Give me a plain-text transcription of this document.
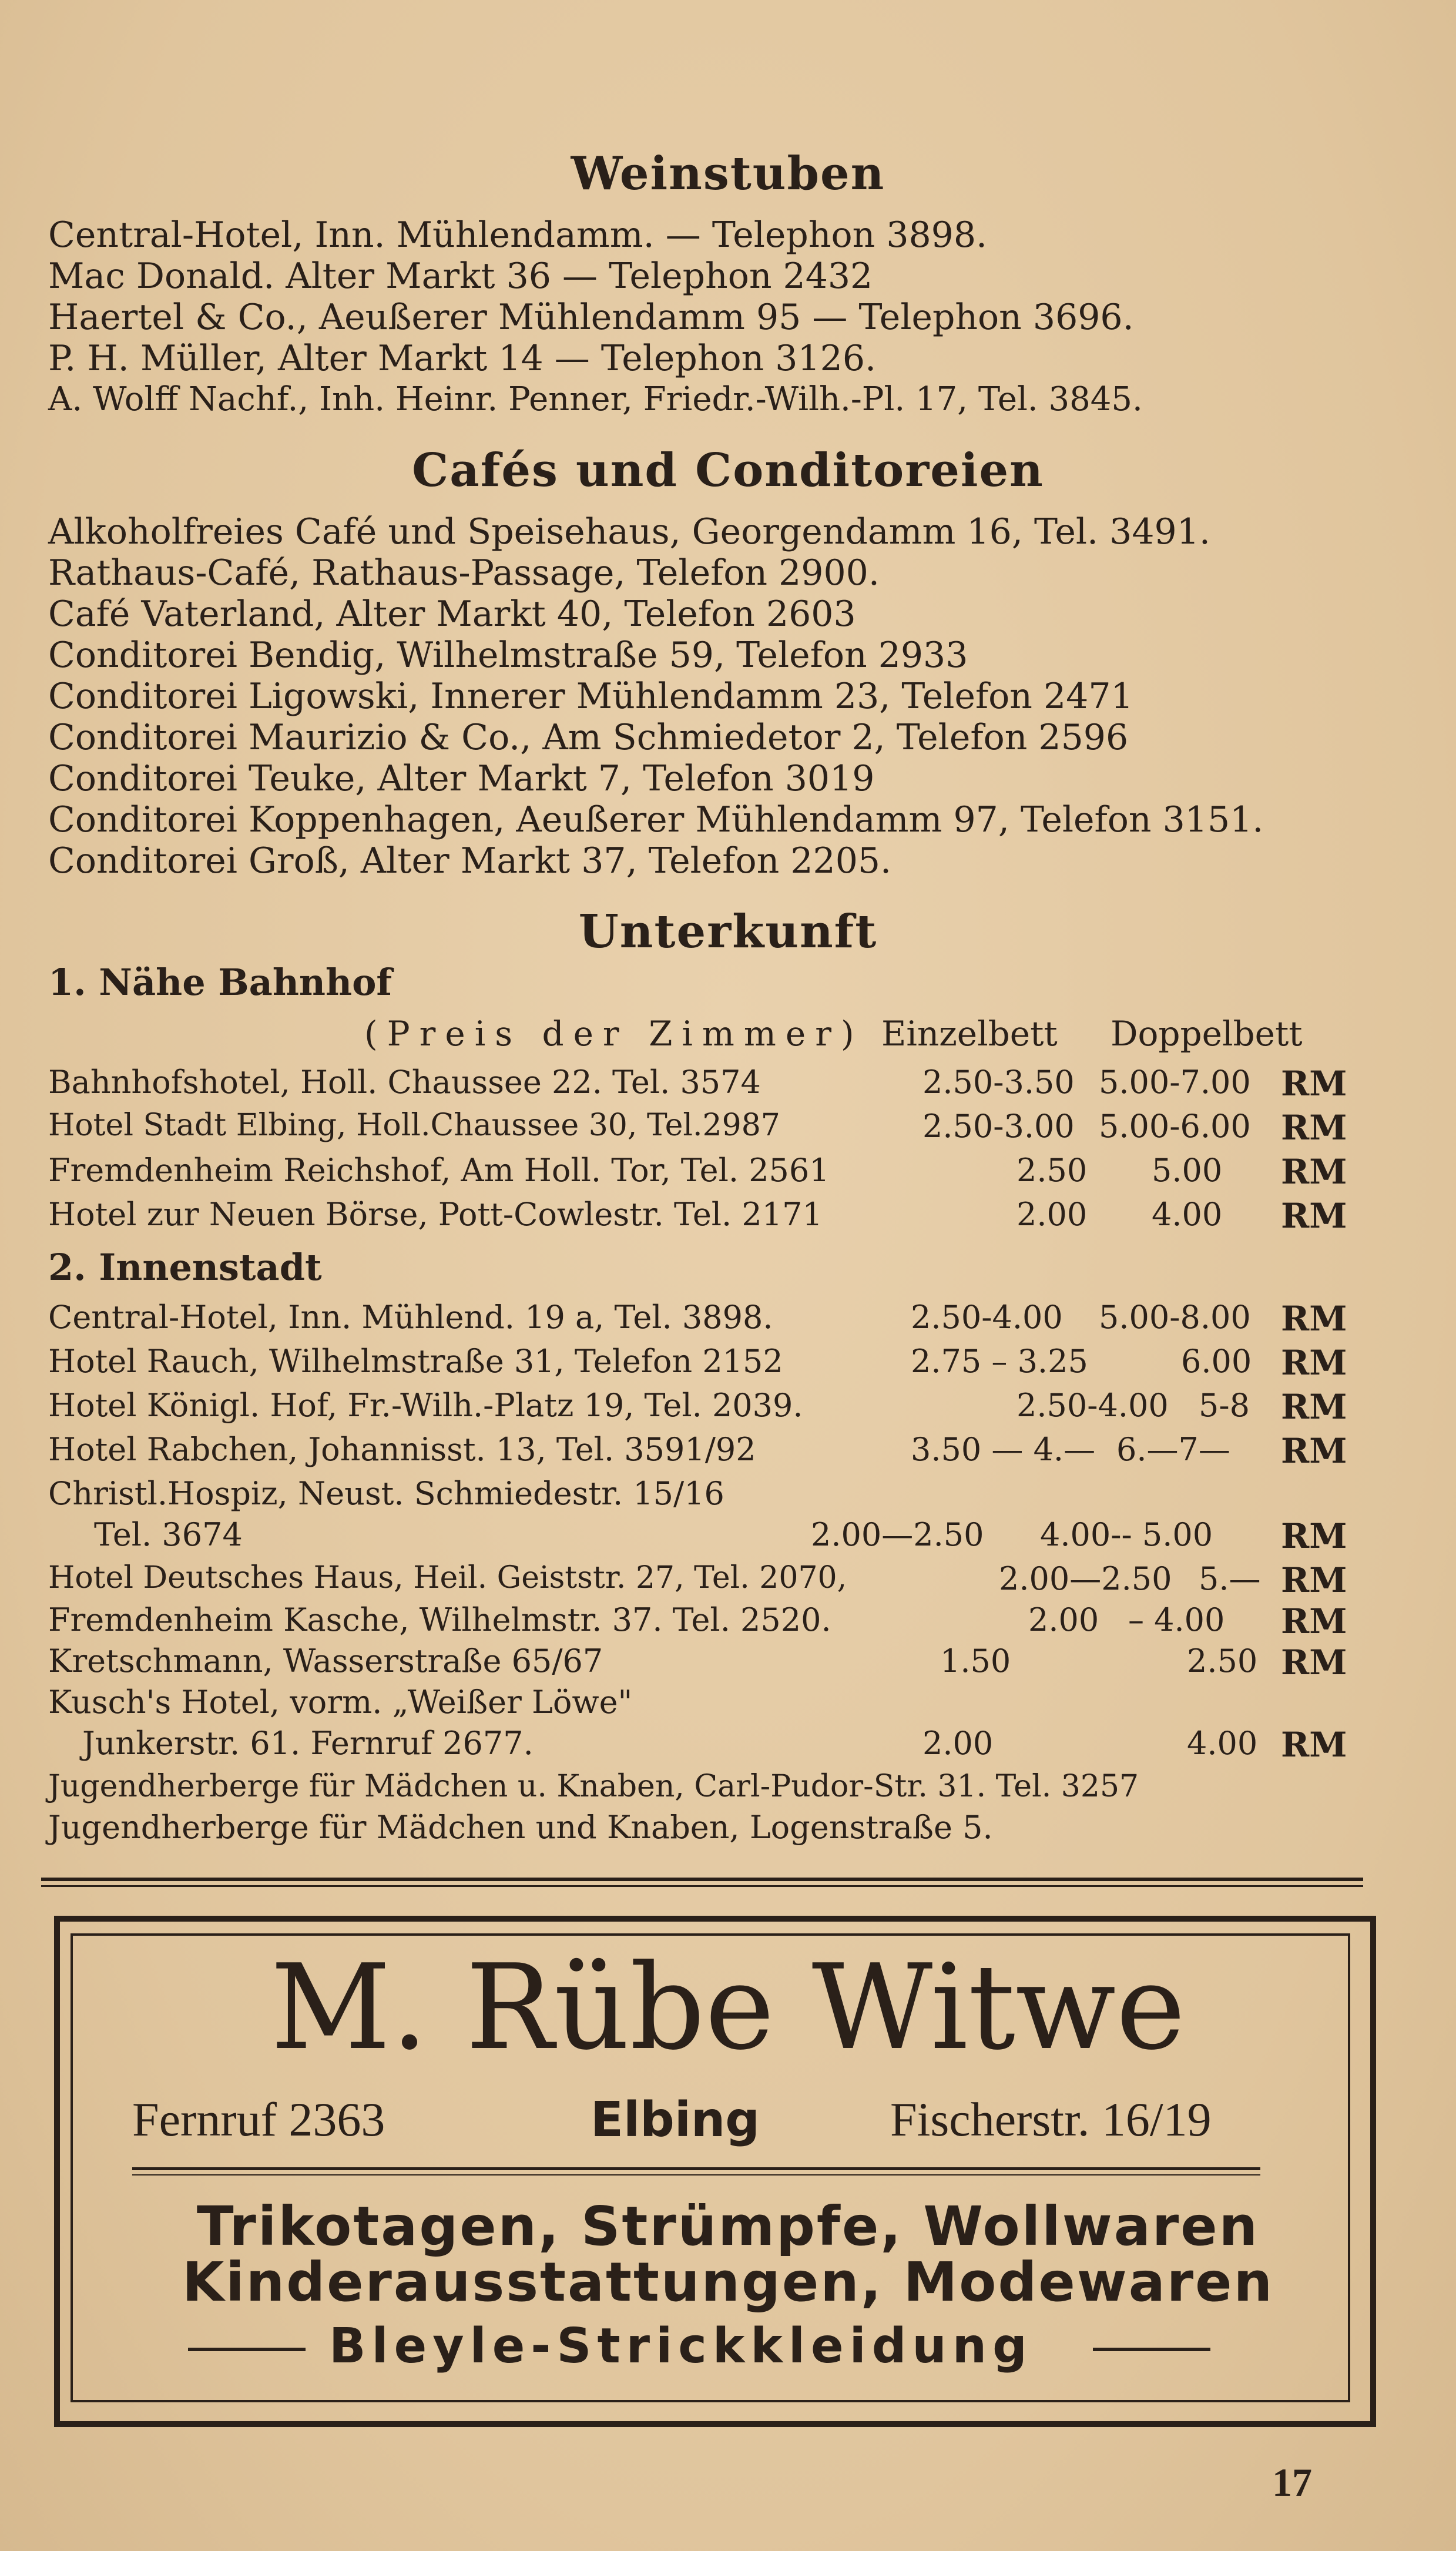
Weinstuben
Central-Hotel, Inn. Mühlendamm. — Telephon 3898.
Mac Donald. Alter Markt 36 — Telephon 2432
Haertel & Co., Aeußerer Mühlendamm 95 — Telephon 3696.
P. H. Müller, Alter Markt 14 — Telephon 3126.
A. Wolff Nachf., Inh. Heinr. Penner, Friedr.-Wilh.-Pl. 17, Tel. 3845.
Cafés und Conditoreien
Alkoholfreies Café und Speisehaus, Georgendamm 16, Tel. 3491.
Rathaus-Café, Rathaus-Passage, Telefon 2900.
Café Vaterland, Alter Markt 40, Telefon 2603
Conditorei Bendig, Wilhelmstraße 59, Telefon 2933
Conditorei Ligowski, Innerer Mühlendamm 23, Telefon 2471
Conditorei Maurizio & Co., Am Schmiedetor 2, Telefon 2596
Conditorei Teuke, Alter Markt 7, Telefon 3019
Conditorei Koppenhagen, Aeußerer Mühlendamm 97, Telefon 3151.
Conditorei Groß, Alter Markt 37, Telefon 2205.
Unterkunft
1. Nähe Bahnhof
(Preis der Zimmer) Einzelbett Doppelbett
Bahnhofshotel, Holl. Chaussee 22. Tel. 3574	2.50-3.50 5.00-7.00 RM
Hotel Stadt Elbing, Holl.Chaussee 30, Tel.2987	2.50-3.00 5.00-6.00 RM
Fremdenheim Reichshof, Am Holl. Tor, Tel. 2561	2.50 5.00 RM
Hotel zur Neuen Börse, Pott-Cowlestr. Tel. 2171	2.00 4.00 RM
2. Innenstadt
Central-Hotel, Inn. Mühlend. 19 a, Tel. 3898.	2.50-4.00 5.00-8.00 RM
Hotel Rauch, Wilhelmstraße 31, Telefon 2152	2.75 – 3.25	6.00 RM
Hotel Königl. Hof, Fr.-Wilh.-Platz 19, Tel. 2039.	2.50-4.00 5-8 RM
Hotel Rabchen, Johannisst. 13, Tel. 3591/92	3.50 — 4.— 6.—7— RM
Christl.Hospiz, Neust. Schmiedestr. 15/16
Tel. 3674	2.00—2.50 4.00-- 5.00 RM
Hotel Deutsches Haus, Heil. Geiststr. 27, Tel. 2070,	2.00—2.50 5.— RM
Fremdenheim Kasche, Wilhelmstr. 37. Tel. 2520.	2.00 – 4.00 RM
Kretschmann, Wasserstraße 65/67	1.50	2.50 RM
Kusch's Hotel, vorm. „Weißer Löwe"
Junkerstr. 61. Fernruf 2677.	2.00	4.00 RM
Jugendherberge für Mädchen u. Knaben, Carl-Pudor-Str. 31. Tel. 3257
Jugendherberge für Mädchen und Knaben, Logenstraße 5.
M. Rübe Witwe
Fernruf 2363	Elbing	Fischerstr. 16/19
Trikotagen, Strümpfe, Wollwaren
Kinderausstattungen, Modewaren
Bleyle-Strickkleidung
17
